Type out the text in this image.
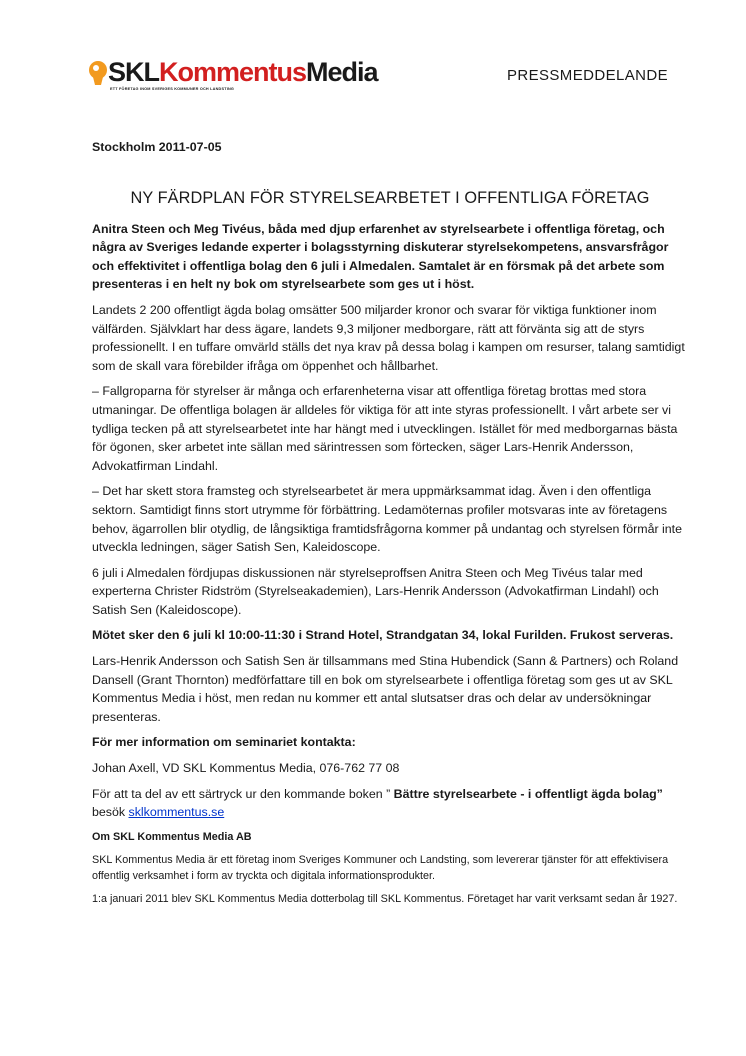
SKLKommentusMedia
ETT FÖRETAG INOM SVERIGES KOMMUNER OCH LANDSTING
PRESSMEDDELANDE

Stockholm 2011-07-05

NY FÄRDPLAN FÖR STYRELSEARBETET I OFFENTLIGA FÖRETAG

Anitra Steen och Meg Tivéus, båda med djup erfarenhet av styrelsearbete i offentliga företag, och några av Sveriges ledande experter i bolagsstyrning diskuterar styrelsekompetens, ansvarsfrågor och effektivitet i offentliga bolag den 6 juli i Almedalen. Samtalet är en försmak på det arbete som presenteras i en helt ny bok om styrelsearbete som ges ut i höst.

Landets 2 200 offentligt ägda bolag omsätter 500 miljarder kronor och svarar för viktiga funktioner inom välfärden. Självklart har dess ägare, landets 9,3 miljoner medborgare, rätt att förvänta sig att de styrs professionellt. I en tuffare omvärld ställs det nya krav på dessa bolag i kampen om resurser, talang samtidigt som de skall vara förebilder ifråga om öppenhet och hållbarhet.

– Fallgroparna för styrelser är många och erfarenheterna visar att offentliga företag brottas med stora utmaningar. De offentliga bolagen är alldeles för viktiga för att inte styras professionellt. I vårt arbete ser vi tydliga tecken på att styrelsearbetet inte har hängt med i utvecklingen. Istället för med medborgarnas bästa för ögonen, sker arbetet inte sällan med särintressen som förtecken, säger Lars-Henrik Andersson, Advokatfirman Lindahl.

– Det har skett stora framsteg och styrelsearbetet är mera uppmärksammat idag. Även i den offentliga sektorn. Samtidigt finns stort utrymme för förbättring. Ledamöternas profiler motsvaras inte av företagens behov, ägarrollen blir otydlig, de långsiktiga framtidsfrågorna kommer på undantag och styrelsen förmår inte utveckla ledningen, säger Satish Sen, Kaleidoscope.

6 juli i Almedalen fördjupas diskussionen när styrelseproffsen Anitra Steen och Meg Tivéus talar med experterna Christer Ridström (Styrelseakademien), Lars-Henrik Andersson (Advokatfirman Lindahl) och Satish Sen (Kaleidoscope).

Mötet sker den 6 juli kl 10:00-11:30 i Strand Hotel, Strandgatan 34, lokal Furilden. Frukost serveras.

Lars-Henrik Andersson och Satish Sen är tillsammans med Stina Hubendick (Sann & Partners) och Roland Dansell (Grant Thornton) medförfattare till en bok om styrelsearbete i offentliga företag som ges ut av SKL Kommentus Media i höst, men redan nu kommer ett antal slutsatser dras och delar av undersökningar presenteras.

För mer information om seminariet kontakta:

Johan Axell, VD SKL Kommentus Media, 076-762 77 08

För att ta del av ett särtryck ur den kommande boken ” Bättre styrelsearbete - i offentligt ägda bolag”
besök sklkommentus.se

Om SKL Kommentus Media AB

SKL Kommentus Media är ett företag inom Sveriges Kommuner och Landsting, som levererar tjänster för att effektivisera offentlig verksamhet i form av tryckta och digitala informationsprodukter.

1:a januari 2011 blev SKL Kommentus Media dotterbolag till SKL Kommentus. Företaget har varit verksamt sedan år 1927.
